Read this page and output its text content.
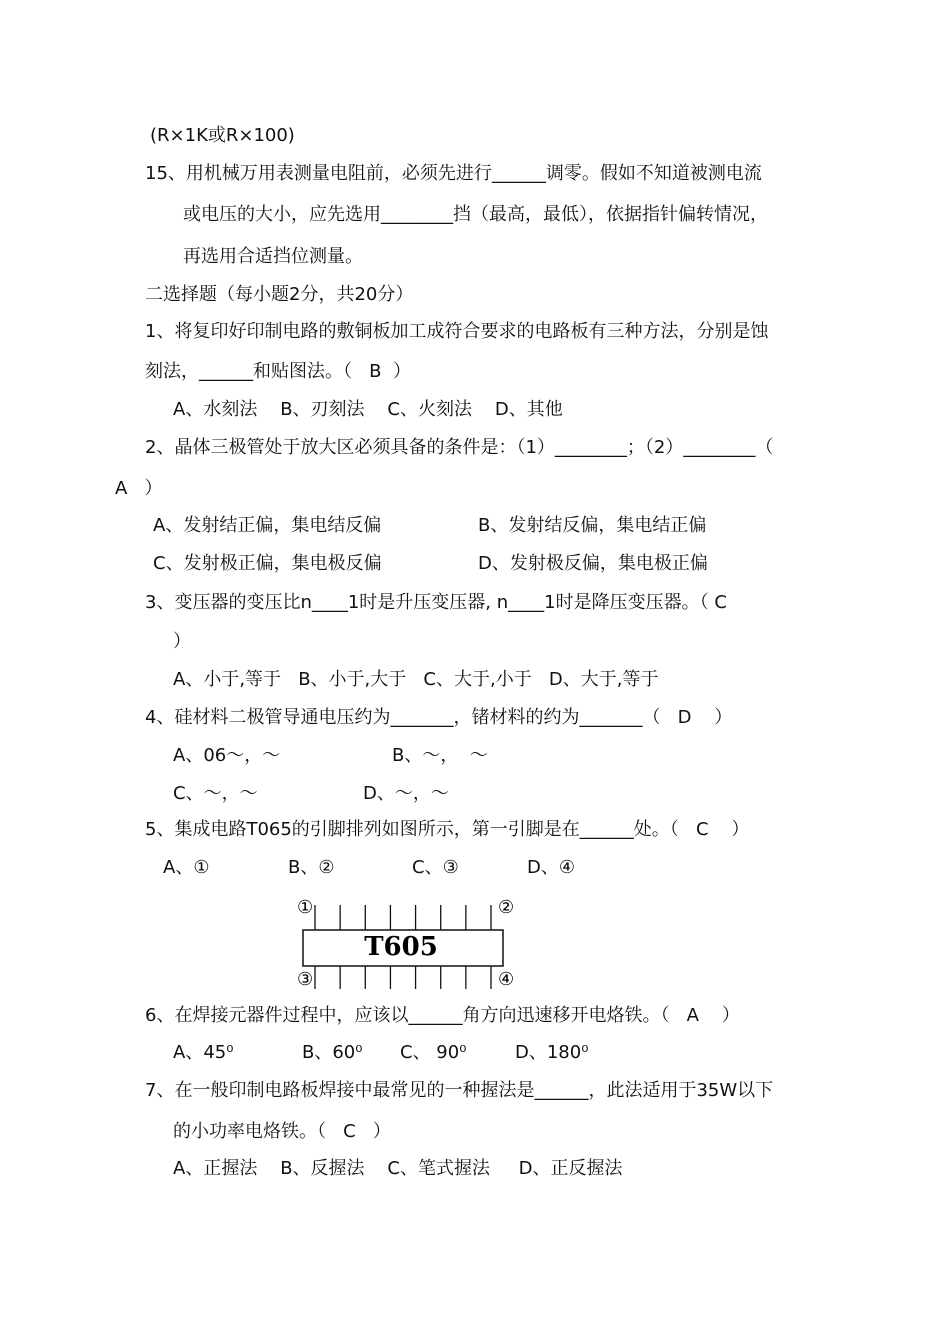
(R×1K或R×100)
15、用机械万用表测量电阻前，必须先进行______调零。假如不知道被测电流
或电压的大小，应先选用________挡（最高，最低），依据指针偏转情况，
再选用合适挡位测量。
二选择题（每小题2分，共20分）
1、将复印好印制电路的敷铜板加工成符合要求的电路板有三种方法，分别是蚀
刻法，______和贴图法。（   B  ）
A、水刻法    B、刃刻法    C、火刻法    D、其他
2、晶体三极管处于放大区必须具备的条件是：（1）________；（2）________（
A   ）
A、发射结正偏，集电结反偏	B、发射结反偏，集电结正偏
C、发射极正偏，集电极反偏	D、发射极反偏，集电极正偏
3、变压器的变压比n____1时是升压变压器, n____1时是降压变压器。（ C
）
A、小于,等于   B、小于,大于   C、大于,小于   D、大于,等于
4、硅材料二极管导通电压约为_______，锗材料的约为_______（   D    ）
A、06～，～	B、～，  ～
C、～，～	D、～，～
5、集成电路T065的引脚排列如图所示，第一引脚是在______处。（   C    ）
A、①	B、②	C、③	D、④
T605
①	②
③	④
6、在焊接元器件过程中，应该以______角方向迅速移开电烙铁。（   A    ）
A、45⁰	B、60⁰ C、 90⁰	D、180⁰
7、在一般印制电路板焊接中最常见的一种握法是______，此法适用于35W以下
的小功率电烙铁。（   C   ）
A、正握法    B、反握法    C、笔式握法     D、正反握法
